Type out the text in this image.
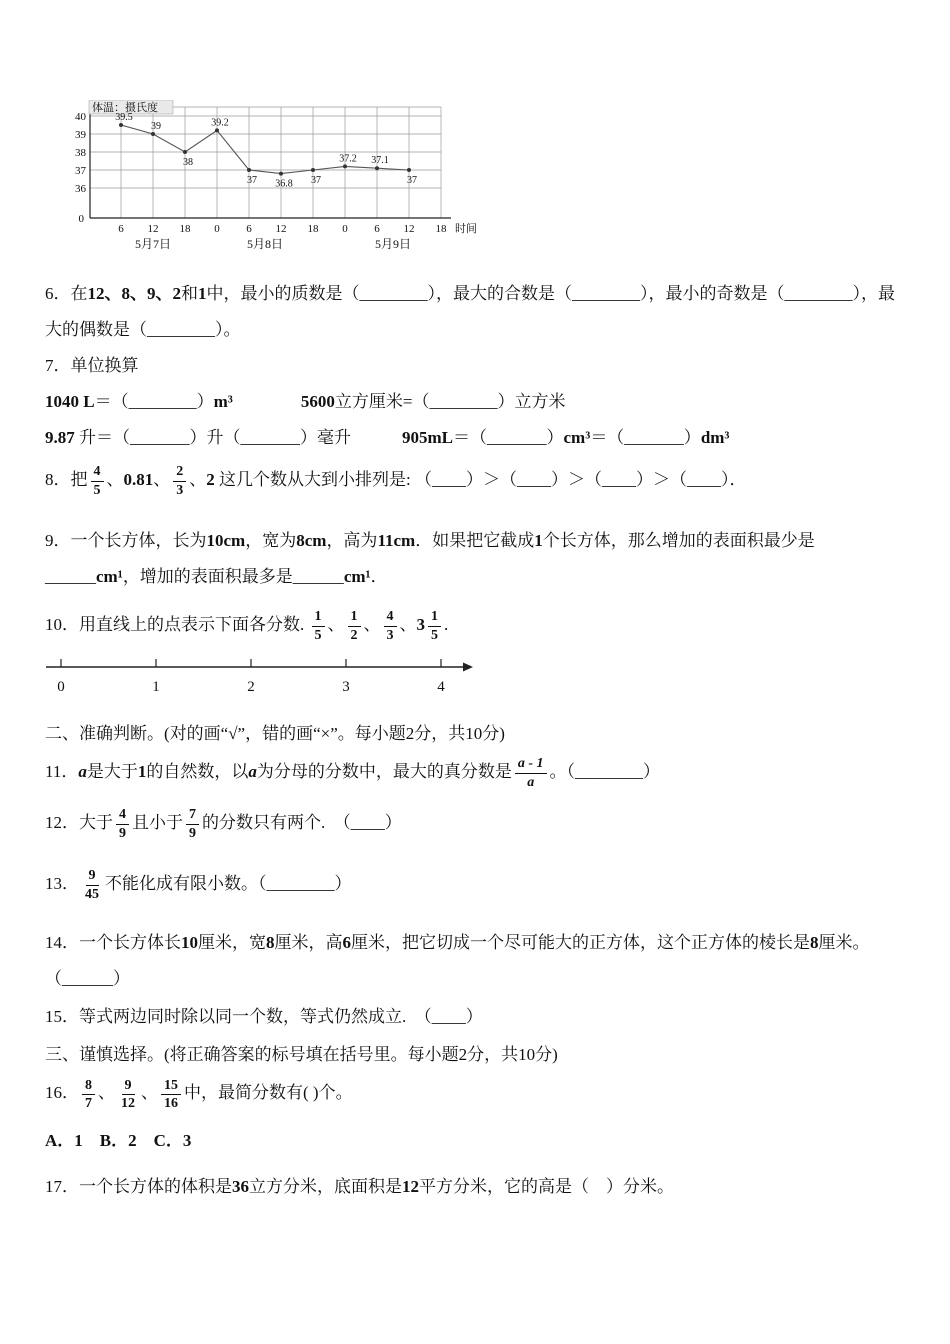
40
39
38
37
36
0
6 12 18 0 6 12 18 0 6 12 18 时间
5月7日	5月8日	5月9日
体温：摄氏度
39.5
39
38
39.2
37 36.8 37
37.2 37.1
37

6．在12、8、9、2和1中，最小的质数是（________），最大的合数是（________），最小的奇数是（________），最大的偶数是（________）。

7．单位换算

1040 L＝（________）m³　　　　	5600立方厘米=（________）立方米

9.87 升＝（_______）升（_______）毫升　　　905mL＝（_______）cm³＝（_______）dm³

8．把 $\frac{4}{5}$ 、0.81、 $\frac{2}{3}$ 、2 这几个数从大到小排列是: （____）＞（____）＞（____）＞（____）．

9．一个长方体，长为10cm，宽为8cm，高为11cm．如果把它截成1个长方体，那么增加的表面积最少是______cm¹，增加的表面积最多是______cm¹．

10．用直线上的点表示下面各分数. $\frac{1}{5}$ 、 $\frac{1}{2}$ 、 $\frac{4}{3}$ 、$3 \frac{1}{5}$ .

0	1	2	3	4

二、准确判断。(对的画“√”，错的画“×”。每小题2分，共10分)

11．a是大于1的自然数，以a为分母的分数中，最大的真分数是 $\frac{a - 1}{a}$ 。（________）

12．大于 $\frac{4}{9}$ 且小于 $\frac{7}{9}$ 的分数只有两个.　（____）

13． $\frac{9}{45}$ 不能化成有限小数。（________）

14．一个长方体长10厘米，宽8厘米，高6厘米，把它切成一个尽可能大的正方体，这个正方体的棱长是8厘米。（______）

15．等式两边同时除以同一个数，等式仍然成立.　（____）

三、谨慎选择。(将正确答案的标号填在括号里。每小题2分，共10分)

16． $\frac{8}{7}$ 、 $\frac{9}{12}$ 、 $\frac{15}{16}$ 中，最简分数有( )个。

A．1　B．2　C．3

17．一个长方体的体积是36立方分米，底面积是12平方分米，它的高是（　）分米。
